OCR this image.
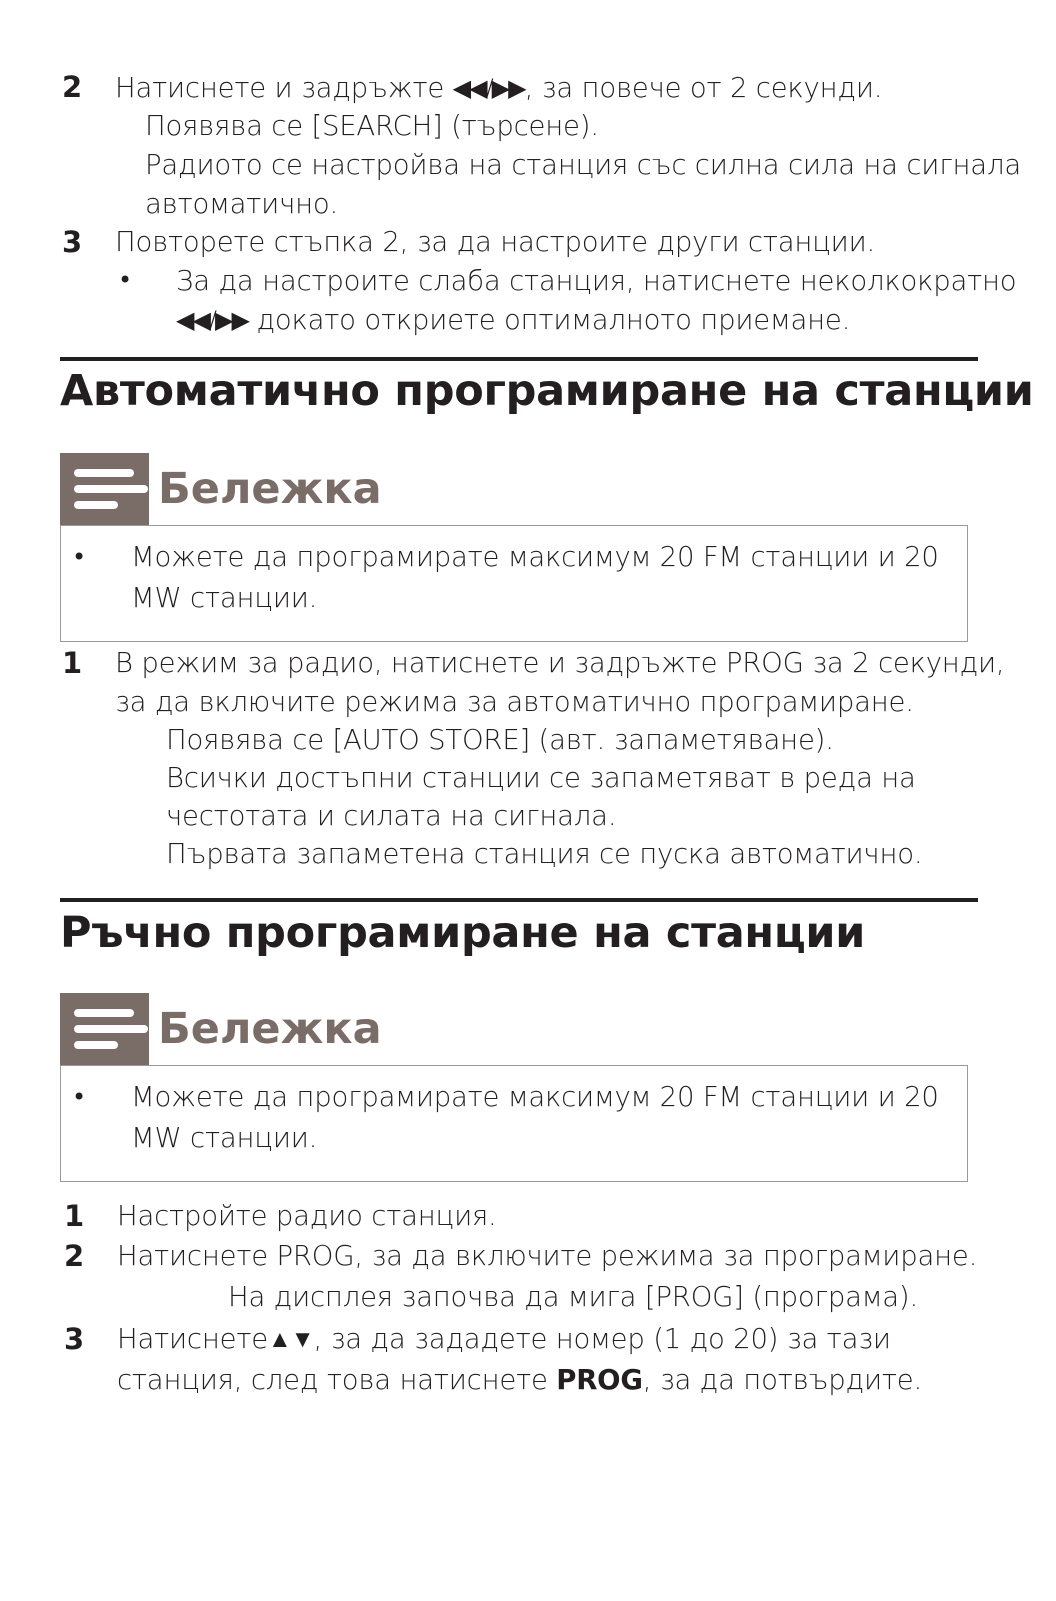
2 Натиснете и задръжте ◀◀/▶▶, за повече от 2 секунди.
Появява се [SEARCH] (търсене).
Радиото се настройва на станция със силна сила на сигнала
автоматично.
3 Повторете стъпка 2, за да настроите други станции.
• За да настроите слаба станция, натиснете неколкократно
◀◀/▶▶ докато откриете оптималното приемане.
Автоматично програмиране на станции
Бележка
• Можете да програмирате максимум 20 FM станции и 20
MW станции.
1 В режим за радио, натиснете и задръжте PROG за 2 секунди,
за да включите режима за автоматично програмиране.
Появява се [AUTO STORE] (авт. запаметяване).
Всички достъпни станции се запаметяват в реда на
честотата и силата на сигнала.
Първата запаметена станция се пуска автоматично.
Ръчно програмиране на станции
Бележка
• Можете да програмирате максимум 20 FM станции и 20
MW станции.
1 Настройте радио станция.
2 Натиснете PROG, за да включите режима за програмиране.
На дисплея започва да мига [PROG] (програма).
3 Натиснете▲▼, за да зададете номер (1 до 20) за тази
станция, след това натиснете PROG, за да потвърдите.
